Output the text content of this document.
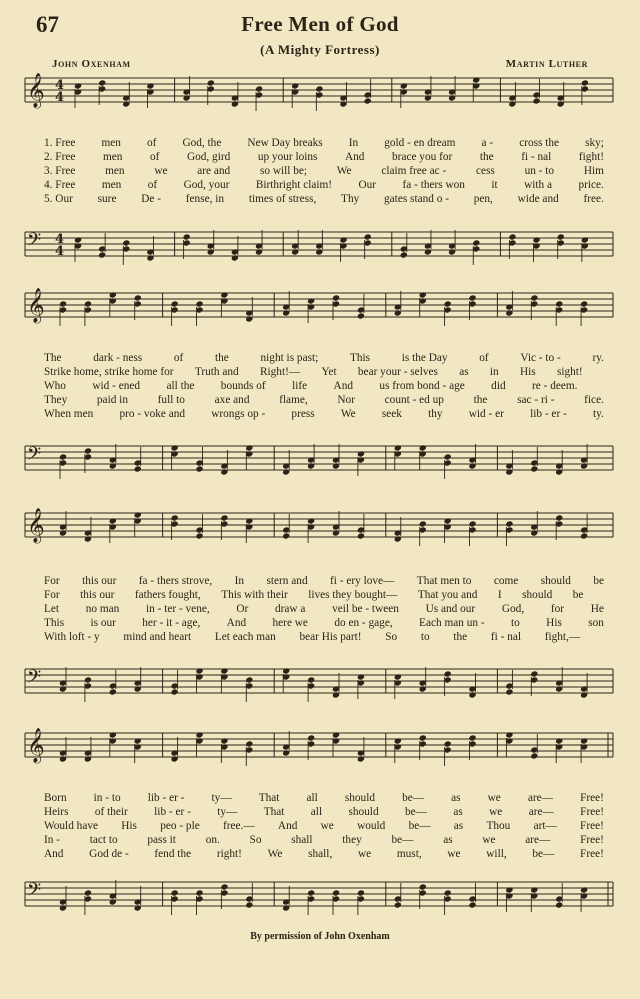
67	Free Men of God
(A Mighty Fortress)
John Oxenham	Martin Luther
𝄞 4
4
1. Free men of God, the New Day breaks In gold - en dream a - cross the sky;
2. Free men of God, gird up your loins And brace you for the fi - nal fight!
3. Free	men	we	are and	so will be;	We	claim free ac -	cess	un - to	Him
4. Free men of God, your Birthright claim! Our fa - thers won it with a price.
5. Our sure De - fense, in times of stress, Thy gates stand o - pen, wide and free.
𝄢 4
4
𝄞
The	dark - ness	of	the	night is past;	This	is the Day	of	Vic - to -	ry.
Strike home, strike home for Truth and Right!— Yet bear your - selves as in His sight!
Who wid - ened all the bounds of life And us from bond - age did re - deem.
They	paid in	full to	axe and	flame,	Nor	count - ed up	the	sac - ri -	fice.
When men pro - voke and wrongs op - press We seek thy wid - er lib - er - ty.
𝄢
𝄞
For this our fa - thers strove, In stern and fi - ery love— That men to come should be
For this our fathers fought, This with their lives they bought— That you and I should be
Let no man in - ter - vene, Or draw a veil be - tween Us and our God, for He
This is our her - it - age, And here we do en - gage, Each man un - to His son
With loft - y mind and heart Let each man bear His part! So to the fi - nal fight,—
𝄢
𝄞
Born in - to lib - er - ty— That all should be— as we are— Free!
Heirs of their lib - er - ty— That all should be— as we are— Free!
Would have His peo - ple free.— And we would be— as Thou art— Free!
In -	tact to	pass it	on.	So	shall	they	be—	as	we	are—	Free!
And God de - fend the right! We shall, we must, we will, be— Free!
𝄢
By permission of John Oxenham
